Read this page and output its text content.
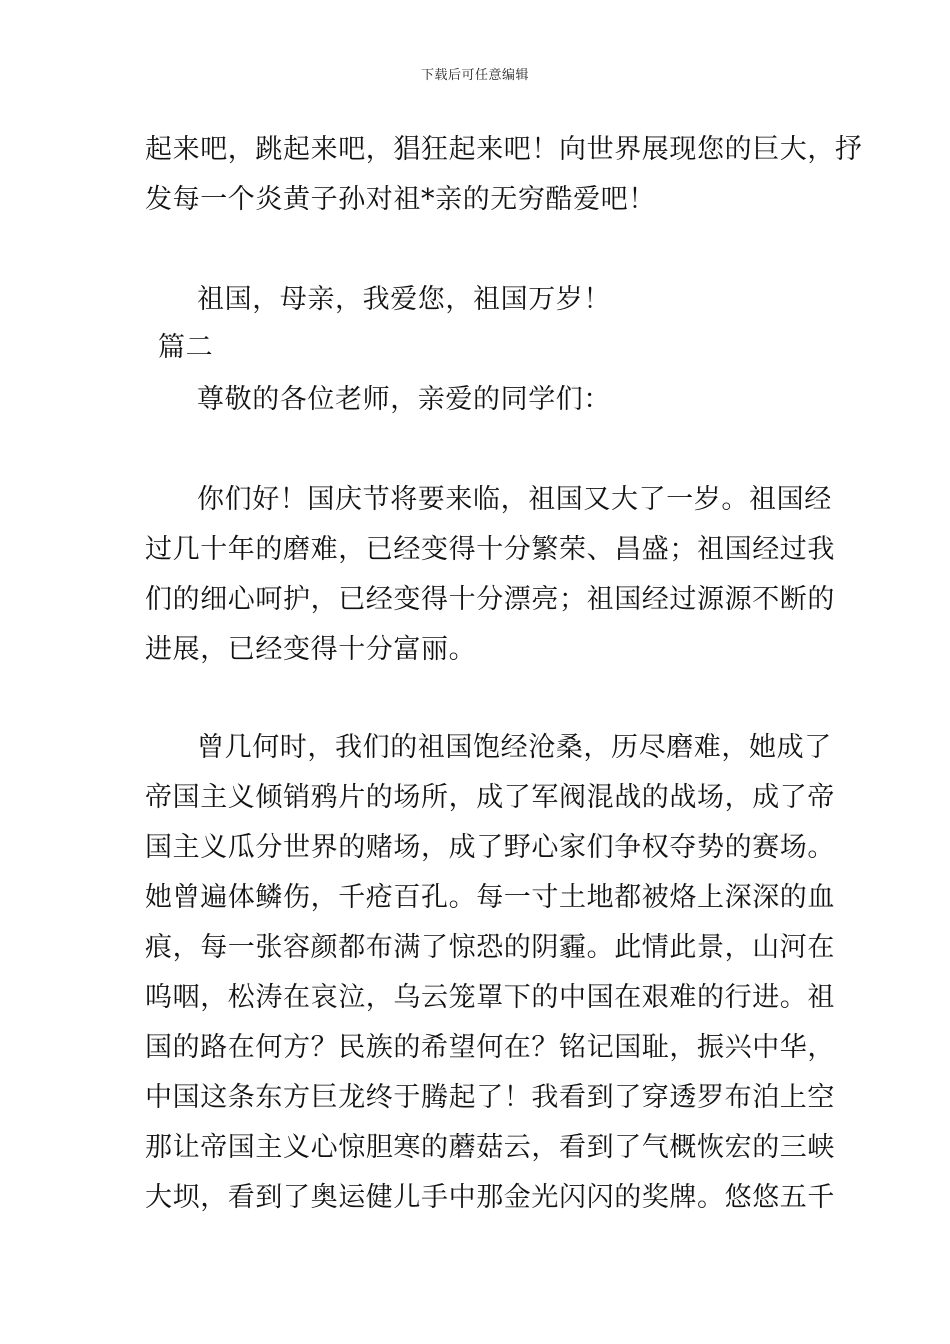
下载后可任意编辑
起来吧，跳起来吧，猖狂起来吧！向世界展现您的巨大，抒
发每一个炎黄子孙对祖*亲的无穷酷爱吧！
祖国，母亲，我爱您，祖国万岁！
篇二
尊敬的各位老师，亲爱的同学们：
你们好！国庆节将要来临，祖国又大了一岁。祖国经
过几十年的磨难，已经变得十分繁荣、昌盛；祖国经过我
们的细心呵护，已经变得十分漂亮；祖国经过源源不断的
进展，已经变得十分富丽。
曾几何时，我们的祖国饱经沧桑，历尽磨难，她成了
帝国主义倾销鸦片的场所，成了军阀混战的战场，成了帝
国主义瓜分世界的赌场，成了野心家们争权夺势的赛场。
她曾遍体鳞伤，千疮百孔。每一寸土地都被烙上深深的血
痕，每一张容颜都布满了惊恐的阴霾。此情此景，山河在
呜咽，松涛在哀泣，乌云笼罩下的中国在艰难的行进。祖
国的路在何方？民族的希望何在？铭记国耻，振兴中华，
中国这条东方巨龙终于腾起了！我看到了穿透罗布泊上空
那让帝国主义心惊胆寒的蘑菇云，看到了气概恢宏的三峡
大坝，看到了奥运健儿手中那金光闪闪的奖牌。悠悠五千
